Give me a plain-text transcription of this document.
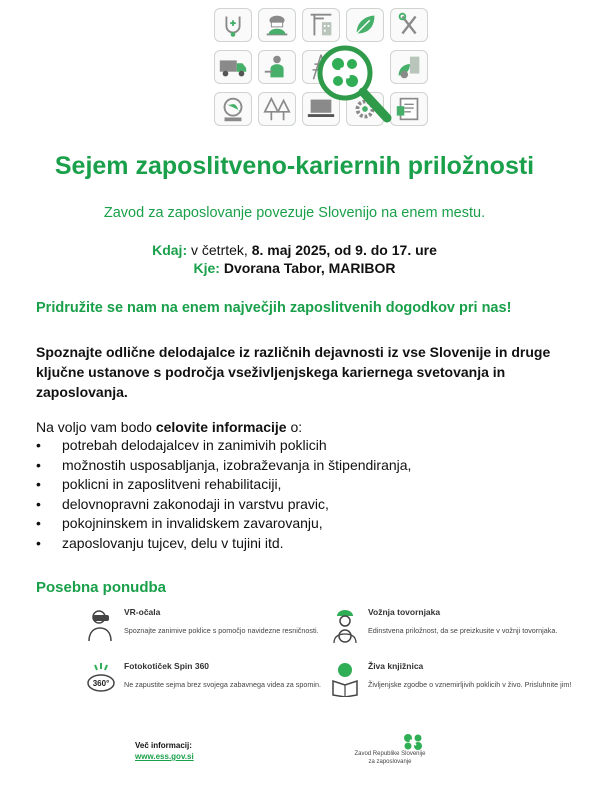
Sejem zaposlitveno-kariernih priložnosti
Zavod za zaposlovanje povezuje Slovenijo na enem mestu.
Kdaj: v četrtek, 8. maj 2025, od 9. do 17. ure
Kje: Dvorana Tabor, MARIBOR
Pridružite se nam na enem največjih zaposlitvenih dogodkov pri nas!
Spoznajte odlične delodajalce iz različnih dejavnosti iz vse Slovenije in druge ključne ustanove s področja vseživljenjskega kariernega svetovanja in zaposlovanja.
Na voljo vam bodo celovite informacije o:
• potrebah delodajalcev in zanimivih poklicih
• možnostih usposabljanja, izobraževanja in štipendiranja,
• poklicni in zaposlitveni rehabilitaciji,
• delovnopravni zakonodaji in varstvu pravic,
• pokojninskem in invalidskem zavarovanju,
• zaposlovanju tujcev, delu v tujini itd.
Posebna ponudba
VR-očala
Spoznajte zanimive poklice s pomočjo navidezne resničnosti.
Vožnja tovornjaka
Edinstvena priložnost, da se preizkusite v vožnji tovornjaka.
360°
Fotokotiček Spin 360
Ne zapustite sejma brez svojega zabavnega videa za spomin.
Živa knjižnica
Življenjske zgodbe o vznemirljivih poklicih v živo. Prisluhnite jim!
Več informacij:
www.ess.gov.si	Zavod Republike Slovenije
za zaposlovanje
